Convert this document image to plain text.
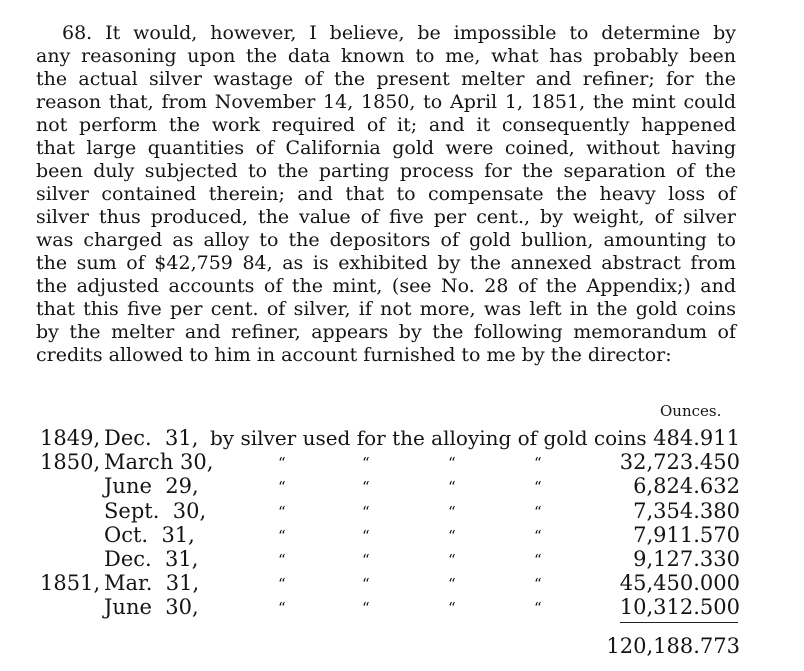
68. It would, however, I believe, be impossible to determine by
any reasoning upon the data known to me, what has probably been
the actual silver wastage of the present melter and refiner; for the
reason that, from November 14, 1850, to April 1, 1851, the mint could
not perform the work required of it; and it consequently happened
that large quantities of California gold were coined, without having
been duly subjected to the parting process for the separation of the
silver contained therein; and that to compensate the heavy loss of
silver thus produced, the value of five per cent., by weight, of silver
was charged as alloy to the depositors of gold bullion, amounting to
the sum of $42,759 84, as is exhibited by the annexed abstract from
the adjusted accounts of the mint, (see No. 28 of the Appendix;) and
that this five per cent. of silver, if not more, was left in the gold coins
by the melter and refiner, appears by the following memorandum of
credits allowed to him in account furnished to me by the director:
Ounces.
1849, Dec.  31, by silver used for the alloying of gold coins 484.911
1850, March 30,	“	“	“	“	32,723.450
June  29,	“	“	“	“	6,824.632
Sept.  30,	“	“	“	“	7,354.380
Oct.  31,	“	“	“	“	7,911.570
Dec.  31,	“	“	“	“	9,127.330
1851, Mar.  31,	“	“	“	“	45,450.000
June  30,	“	“	“	“	10,312.500
120,188.773
